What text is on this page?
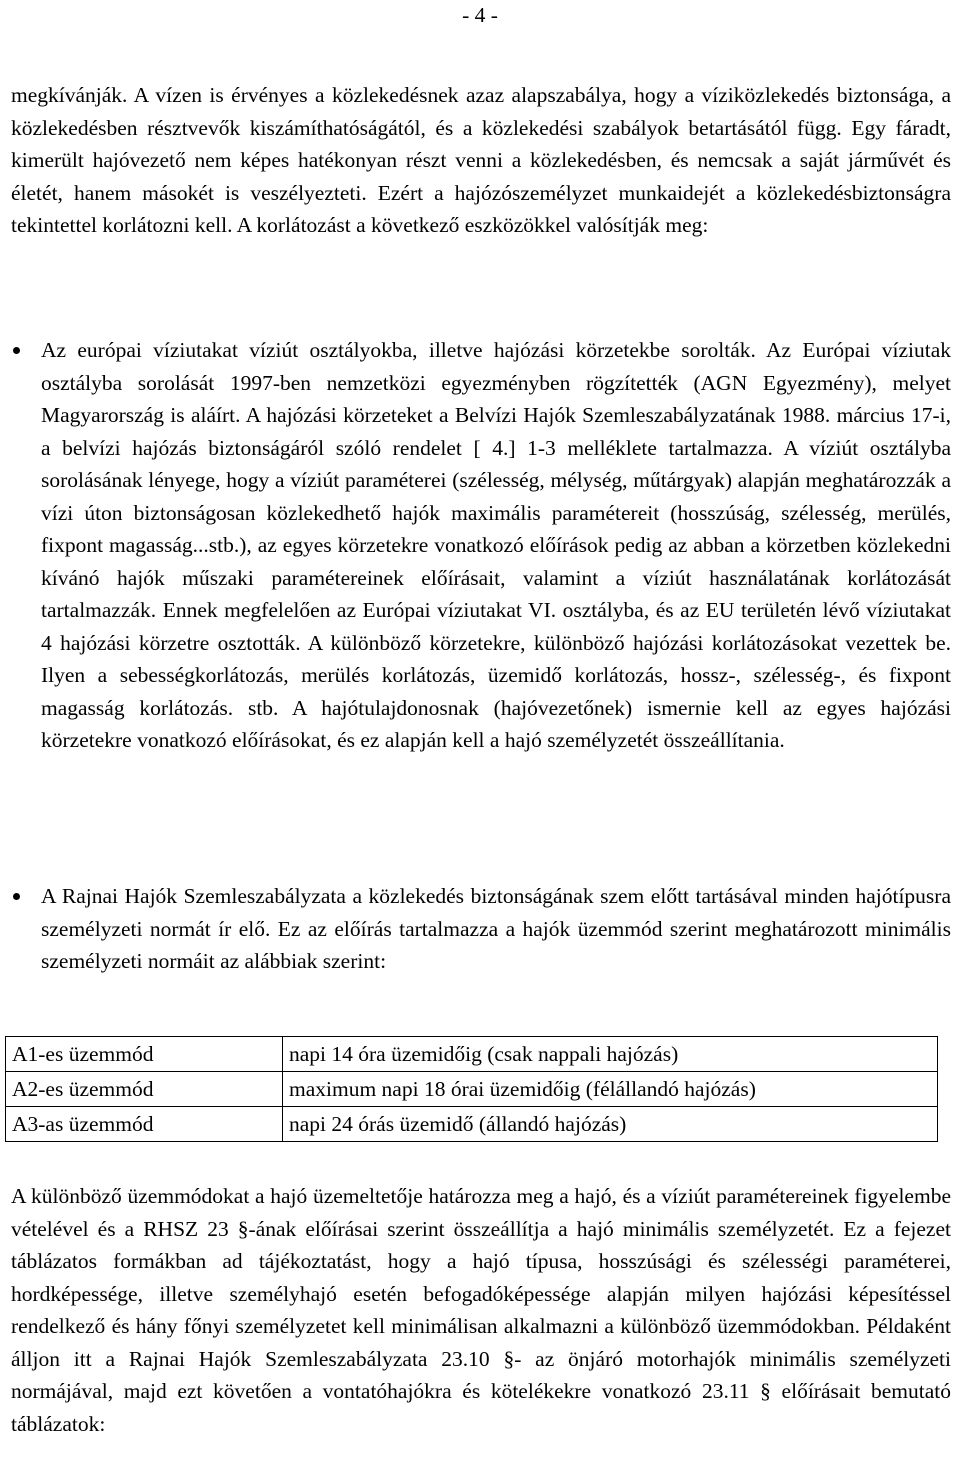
- 4 -

megkívánják. A vízen is érvényes a közlekedésnek azaz alapszabálya, hogy a víziközlekedés biztonsága, a közlekedésben résztvevők kiszámíthatóságától, és a közlekedési szabályok betartásától függ. Egy fáradt, kimerült hajóvezető nem képes hatékonyan részt venni a közlekedésben, és nemcsak a saját járművét és életét, hanem másokét is veszélyezteti. Ezért a hajózószemélyzet munkaidejét a közlekedésbiztonságra tekintettel korlátozni kell. A korlátozást a következő eszközökkel valósítják meg:

Az európai víziutakat víziút osztályokba, illetve hajózási körzetekbe sorolták. Az Európai víziutak osztályba sorolását 1997-ben nemzetközi egyezményben rögzítették (AGN Egyezmény), melyet Magyarország is aláírt. A hajózási körzeteket a Belvízi Hajók Szemleszabályzatának 1988. március 17-i, a belvízi hajózás biztonságáról szóló rendelet [ 4.] 1-3 melléklete tartalmazza. A víziút osztályba sorolásának lényege, hogy a víziút paraméterei (szélesség, mélység, műtárgyak) alapján meghatározzák a vízi úton biztonságosan közlekedhető hajók maximális paramétereit (hosszúság, szélesség, merülés, fixpont magasság...stb.), az egyes körzetekre vonatkozó előírások pedig az abban a körzetben közlekedni kívánó hajók műszaki paramétereinek előírásait, valamint a víziút használatának korlátozását tartalmazzák. Ennek megfelelően az Európai víziutakat VI. osztályba, és az EU területén lévő víziutakat 4 hajózási körzetre osztották. A különböző körzetekre, különböző hajózási korlátozásokat vezettek be. Ilyen a sebességkorlátozás, merülés korlátozás, üzemidő korlátozás, hossz-, szélesség-, és fixpont magasság korlátozás. stb. A hajótulajdonosnak (hajóvezetőnek) ismernie kell az egyes hajózási körzetekre vonatkozó előírásokat, és ez alapján kell a hajó személyzetét összeállítania.
A Rajnai Hajók Szemleszabályzata a közlekedés biztonságának szem előtt tartásával minden hajótípusra személyzeti normát ír elő. Ez az előírás tartalmazza a hajók üzemmód szerint meghatározott minimális személyzeti normáit az alábbiak szerint:
A1-es üzemmód	napi 14 óra üzemidőig (csak nappali hajózás)
A2-es üzemmód	maximum napi 18 órai üzemidőig (félállandó hajózás)
A3-as üzemmód	napi 24 órás üzemidő (állandó hajózás)

A különböző üzemmódokat a hajó üzemeltetője határozza meg a hajó, és a víziút paramétereinek figyelembe vételével és a RHSZ 23 §-ának előírásai szerint összeállítja a hajó minimális személyzetét. Ez a fejezet táblázatos formákban ad tájékoztatást, hogy a hajó típusa, hosszúsági és szélességi paraméterei, hordképessége, illetve személyhajó esetén befogadóképessége alapján milyen hajózási képesítéssel rendelkező és hány főnyi személyzetet kell minimálisan alkalmazni a különböző üzemmódokban. Példaként álljon itt a Rajnai Hajók Szemleszabályzata 23.10 §- az önjáró motorhajók minimális személyzeti normájával, majd ezt követően a vontatóhajókra és kötelékekre vonatkozó 23.11 § előírásait bemutató táblázatok:
